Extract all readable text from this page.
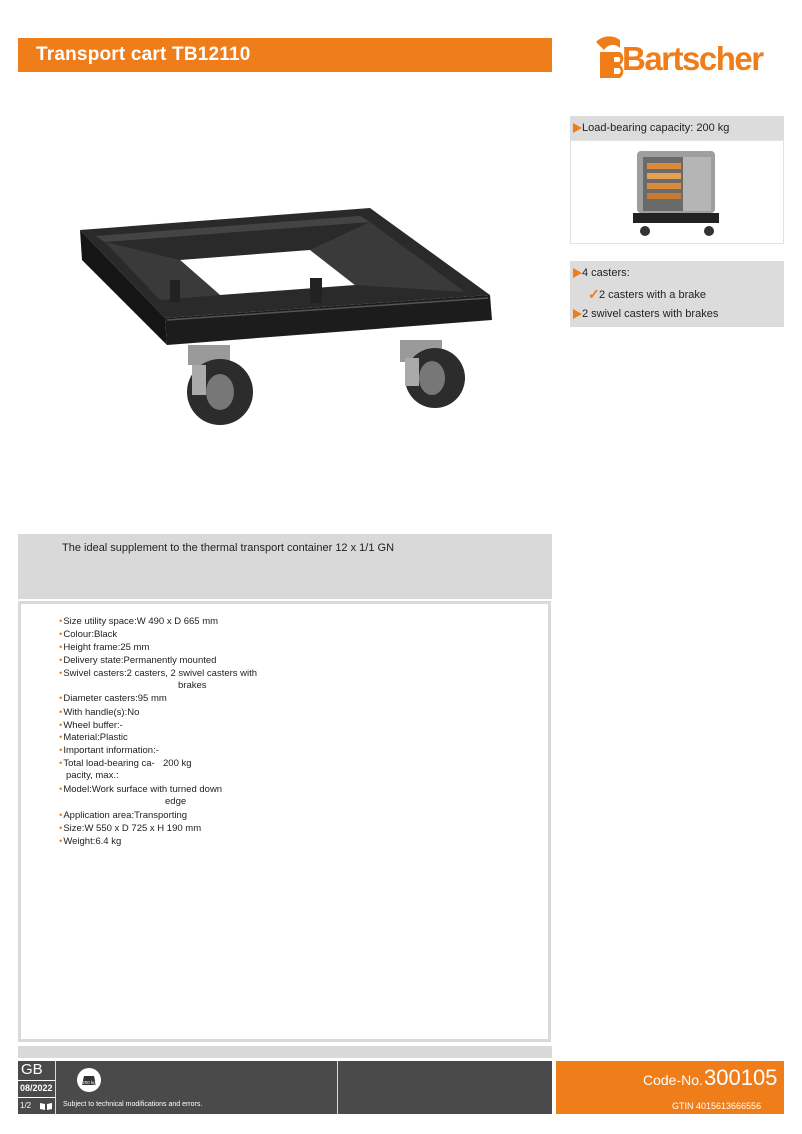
Transport cart TB12110	Bartscher
Load-bearing capacity: 200 kg
4 casters:
✓ 2 casters with a brake
2 swivel casters with brakes
The ideal supplement to the thermal transport container 12 x 1/1 GN
•Size utility space:W 490 x D 665 mm
•Colour:Black
•Height frame:25 mm
•Delivery state:Permanently mounted
•Swivel casters:2 casters, 2 swivel casters with
brakes
•Diameter casters:95 mm
•With handle(s):No
•Wheel buffer:-
•Material:Plastic
•Important information:-
•Total load-bearing ca- 200 kg
pacity, max.:
•Model:Work surface with turned down
edge
•Application area:Transporting
•Size:W 550 x D 725 x H 190 mm
•Weight:6.4 kg
200 kg
Subject to technical modifications and errors.
GB
08/2022
1/2
Code-No. 300105
GTIN 4015613666556
